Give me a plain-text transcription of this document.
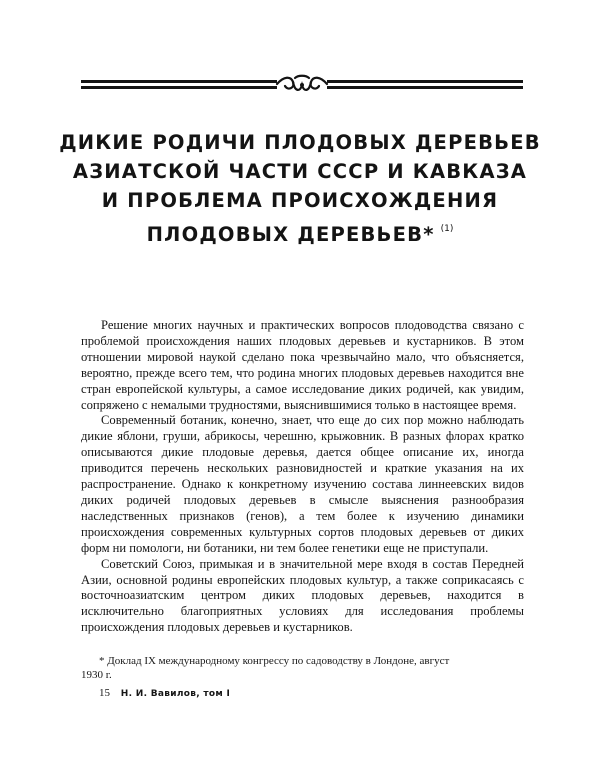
ДИКИЕ РОДИЧИ ПЛОДОВЫХ ДЕРЕВЬЕВ
АЗИАТСКОЙ ЧАСТИ СССР И КАВКАЗА
И ПРОБЛЕМА ПРОИСХОЖДЕНИЯ
ПЛОДОВЫХ ДЕРЕВЬЕВ* $^{(1)}$

Решение многих научных и практических вопросов плодоводства связано с проблемой происхождения наших плодовых деревьев и кустарников. В этом отношении мировой наукой сделано пока чрезвычайно мало, что объясняется, вероятно, прежде всего тем, что родина многих плодовых деревьев находится вне стран европейской культуры, а самое исследование диких родичей, как увидим, сопряжено с немалыми трудностями, выяснившимися только в настоящее время.

Современный ботаник, конечно, знает, что еще до сих пор можно наблюдать дикие яблони, груши, абрикосы, черешню, крыжовник. В разных флорах кратко описываются дикие плодовые деревья, дается общее описание их, иногда приводится перечень нескольких разновидностей и краткие указания на их распространение. Однако к конкретному изучению состава линнеевских видов диких родичей плодовых деревьев в смысле выяснения разнообразия наследственных признаков (генов), а тем более к изучению динамики происхождения современных культурных сортов плодовых деревьев от диких форм ни помологи, ни ботаники, ни тем более генетики еще не приступали.

Советский Союз, примыкая и в значительной мере входя в состав Передней Азии, основной родины европейских плодовых культур, а также соприкасаясь с восточноазиатским центром диких плодовых деревьев, находится в исключительно благоприятных условиях для исследования проблемы происхождения плодовых деревьев и кустарников.

* Доклад IX международному конгрессу по садоводству в Лондоне, август
1930 г.
15 Н. И. Вавилов, том I
